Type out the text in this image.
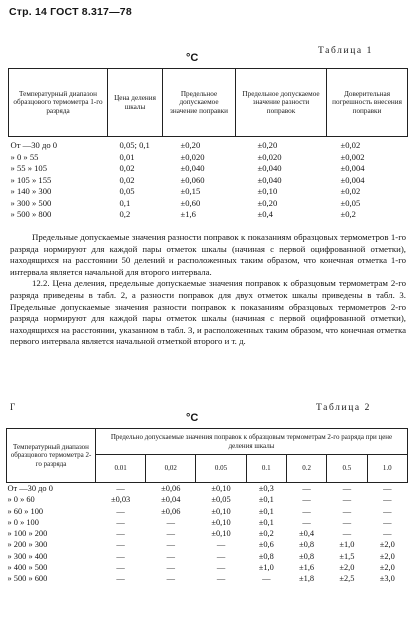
Стр. 14 ГОСТ 8.317—78
°C
Таблица 1
Температурный диапазон образцового термометра 1-го разряда	Цена деления шкалы	Предельное допускаемое значение поправки	Предельное допускаемое значение разности поправок	Доверительная погрешность внесения поправки
От —30 до 0	0,05; 0,1	±0,20	±0,20	±0,02
» 0 » 55	0,01	±0,020	±0,020	±0,002
» 55 » 105	0,02	±0,040	±0,040	±0,004
» 105 » 155	0,02	±0,060	±0,040	±0,004
» 140 » 300	0,05	±0,15	±0,10	±0,02
» 300 » 500	0,1	±0,60	±0,20	±0,05
» 500 » 800	0,2	±1,6	±0,4	±0,2

Предельные допускаемые значения разности поправок к показаниям образцовых термометров 1-го разряда нормируют для каждой пары отметок шкалы (начиная с первой оцифрованной отметки), находящихся на расстоянии 50 делений и расположенных таким образом, что конечная отметка 1-го интервала является начальной для второго интервала.

12.2. Цена деления, предельные допускаемые значения поправок к образцовым термометрам 2-го разряда приведены в табл. 2, а разности поправок для двух отметок шкалы приведены в табл. 3. Предельные допускаемые значения разности поправок к показаниям образцовых термометров 2-го разряда нормируют для каждой пары отметок шкалы (начиная с первой оцифрованной отметки), находящихся на расстоянии, указанном в табл. 3, и расположенных таким образом, что конечная отметка первого интервала является начальной отметкой второго и т. д.

Г
°C
Таблица 2
Температурный диапазон образцового термометра 2-го разряда	Предельно допускаемые значения поправок к образцовым термометрам 2-го разряда при цене деления шкалы						
	0.01	0,02	0.05	0.1	0.2	0.5	1.0
От —30 до 0	—	±0,06	±0,10	±0,3	—	—	—
» 0 » 60	±0,03	±0,04	±0,05	±0,1	—	—	—
» 60 » 100	—	±0,06	±0,10	±0,1	—	—	—
» 0 » 100	—	—	±0,10	±0,1	—	—	—
» 100 » 200	—	—	±0,10	±0,2	±0,4	—	—
» 200 » 300	—	—	—	±0,6	±0,8	±1,0	±2,0
» 300 » 400	—	—	—	±0,8	±0,8	±1,5	±2,0
» 400 » 500	—	—	—	±1,0	±1,6	±2,0	±2,0
» 500 » 600	—	—	—	—	±1,8	±2,5	±3,0
